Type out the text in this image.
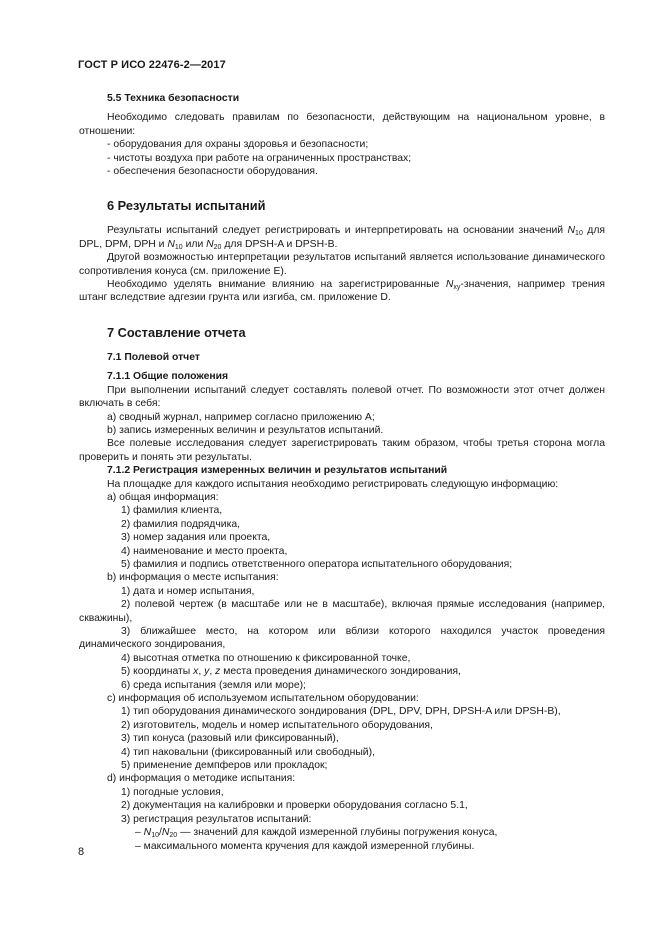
ГОСТ Р ИСО 22476-2—2017

5.5 Техника безопасности

Необходимо следовать правилам по безопасности, действующим на национальном уровне, в отношении:

- оборудования для охраны здоровья и безопасности;

- чистоты воздуха при работе на ограниченных пространствах;

- обеспечения безопасности оборудования.

6 Результаты испытаний

Результаты испытаний следует регистрировать и интерпретировать на основании значений $N_{10}$ для DPL, DPM, DPH и $N_{10}$ или $N_{20}$ для DPSH-A и DPSH-B.

Другой возможностью интерпретации результатов испытаний является использование динамического сопротивления конуса (см. приложение Е).

Необходимо уделять внимание влиянию на зарегистрированные $N_{xy}$-значения, например трения штанг вследствие адгезии грунта или изгиба, см. приложение D.

7 Составление отчета

7.1 Полевой отчет

7.1.1 Общие положения

При выполнении испытаний следует составлять полевой отчет. По возможности этот отчет должен включать в себя:

a) сводный журнал, например согласно приложению А;

b) запись измеренных величин и результатов испытаний.

Все полевые исследования следует зарегистрировать таким образом, чтобы третья сторона могла проверить и понять эти результаты.

7.1.2 Регистрация измеренных величин и результатов испытаний

На площадке для каждого испытания необходимо регистрировать следующую информацию:

a) общая информация:

1) фамилия клиента,

2) фамилия подрядчика,

3) номер задания или проекта,

4) наименование и место проекта,

5) фамилия и подпись ответственного оператора испытательного оборудования;

b) информация о месте испытания:

1) дата и номер испытания,

2) полевой чертеж (в масштабе или не в масштабе), включая прямые исследования (например, скважины),

3) ближайшее место, на котором или вблизи которого находился участок проведения динамического зондирования,

4) высотная отметка по отношению к фиксированной точке,

5) координаты x, y, z места проведения динамического зондирования,

6) среда испытания (земля или море);

c) информация об используемом испытательном оборудовании:

1) тип оборудования динамического зондирования (DPL, DPV, DPH, DPSH-A или DPSH-B),

2) изготовитель, модель и номер испытательного оборудования,

3) тип конуса (разовый или фиксированный),

4) тип наковальни (фиксированный или свободный),

5) применение демпферов или прокладок;

d) информация о методике испытания:

1) погодные условия,

2) документация на калибровки и проверки оборудования согласно 5.1,

3) регистрация результатов испытаний:

– $N_{10}/N_{20}$ — значений для каждой измеренной глубины погружения конуса,

– максимального момента кручения для каждой измеренной глубины.

8
